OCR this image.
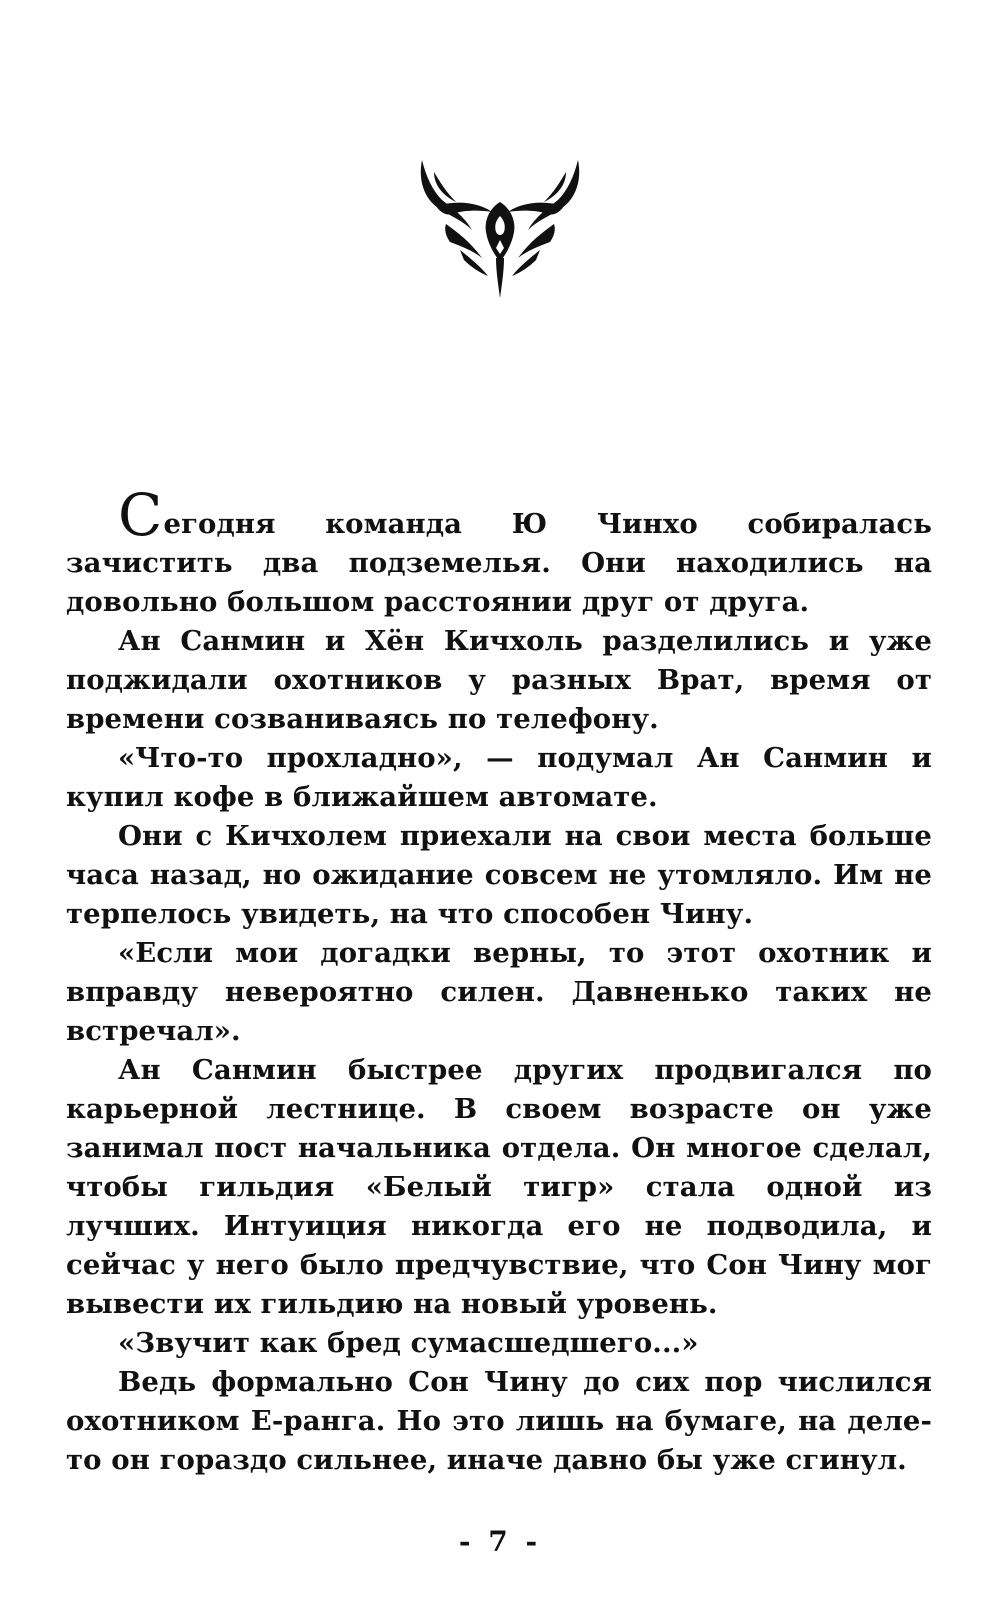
Сегодня команда Ю Чинхо собиралась зачистить два подземелья. Они находились на довольно большом расстоянии друг от друга.

Ан Санмин и Хён Кичхоль разделились и уже поджидали охотников у разных Врат, время от времени созваниваясь по телефону.

«Что-то прохладно», — подумал Ан Санмин и купил кофе в ближайшем автомате.

Они с Кичхолем приехали на свои места больше часа назад, но ожидание совсем не утомляло. Им не терпелось увидеть, на что способен Чину.

«Если мои догадки верны, то этот охотник и вправду невероятно силен. Давненько таких не встречал».

Ан Санмин быстрее других продвигался по карьерной лестнице. В своем возрасте он уже занимал пост начальника отдела. Он многое сделал, чтобы гильдия «Белый тигр» стала одной из лучших. Интуиция никогда его не подводила, и сейчас у него было предчувствие, что Сон Чину мог вывести их гильдию на новый уровень.

«Звучит как бред сумасшедшего...»

Ведь формально Сон Чину до сих пор числился охотником Е-ранга. Но это лишь на бумаге, на деле-то он гораздо сильнее, иначе давно бы уже сгинул.

- 7 -
